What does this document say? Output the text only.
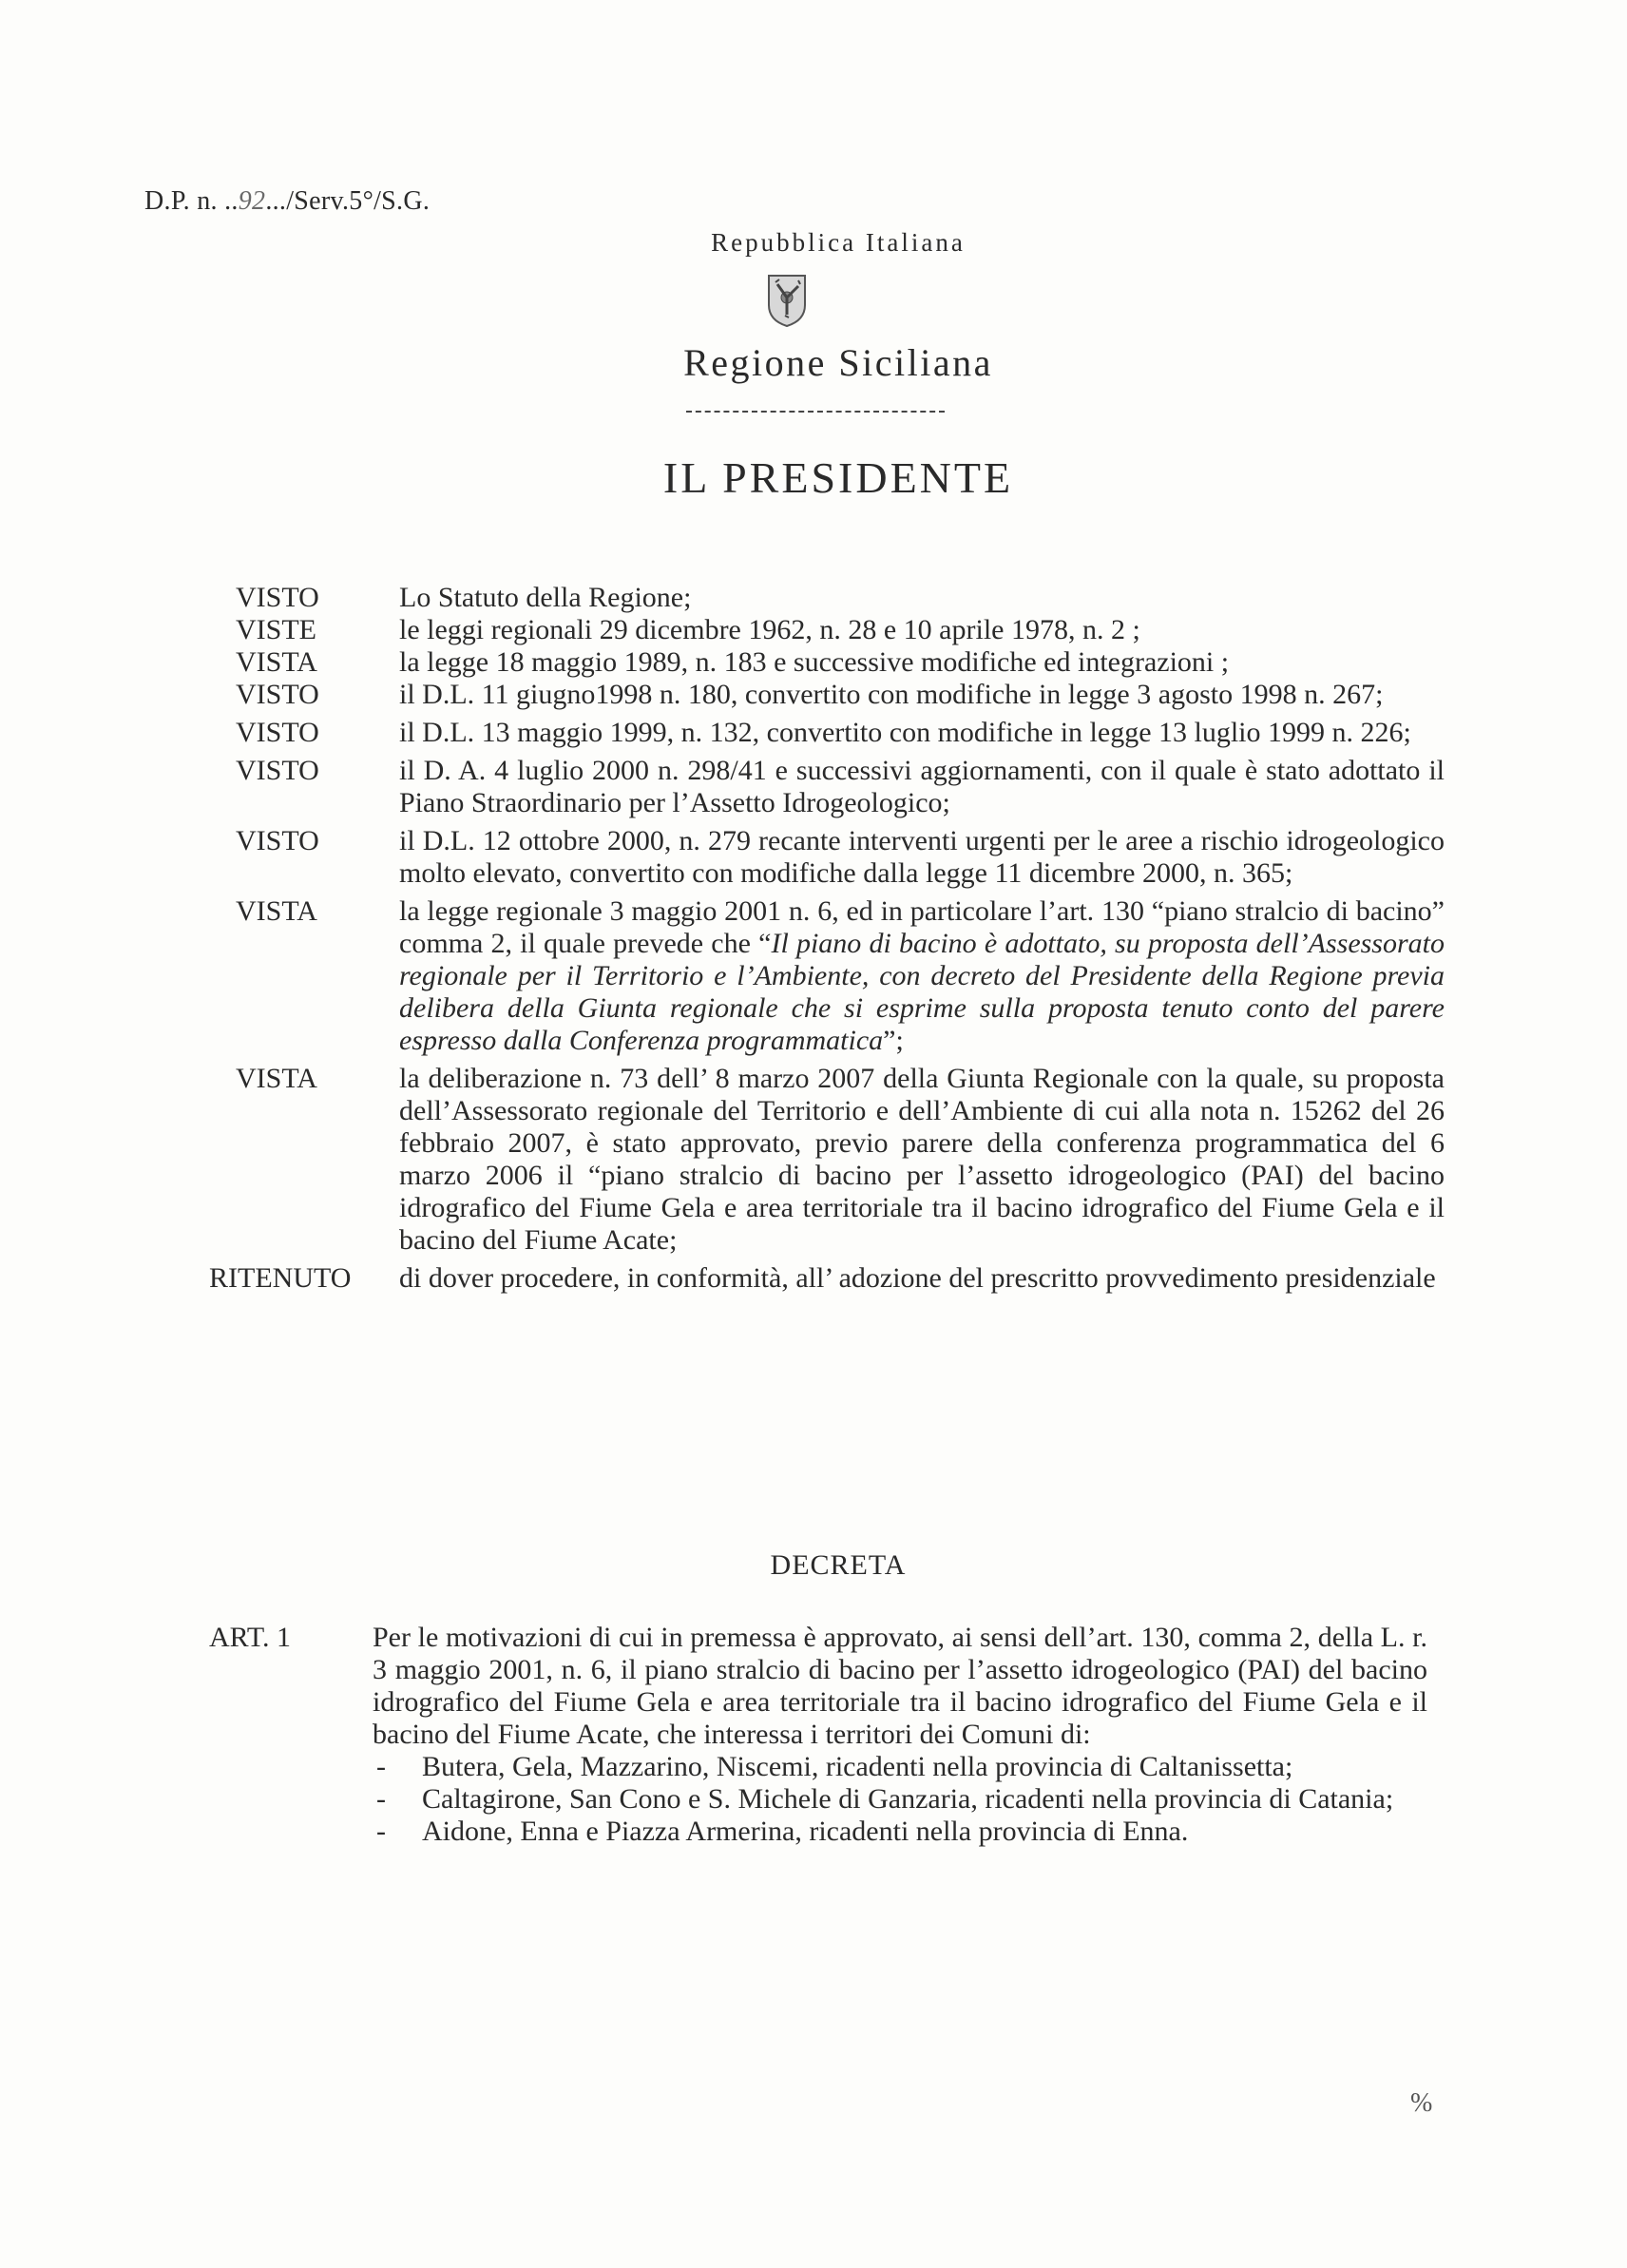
D.P. n. ..92.../Serv.5°/S.G.
Repubblica Italiana
Regione Siciliana
IL PRESIDENTE
VISTO	Lo Statuto della Regione;
VISTE	le leggi regionali 29 dicembre 1962, n. 28 e 10 aprile 1978, n. 2 ;
VISTA	la legge 18 maggio 1989, n. 183 e successive modifiche ed integrazioni ;
VISTO	il D.L. 11 giugno1998 n. 180, convertito con modifiche in legge 3 agosto 1998 n. 267;
VISTO	il D.L. 13 maggio 1999, n. 132, convertito con modifiche in legge 13 luglio 1999 n. 226;
VISTO	il D. A. 4 luglio 2000 n. 298/41 e successivi aggiornamenti, con il quale è stato adottato il Piano Straordinario per l’Assetto Idrogeologico;
VISTO	il D.L. 12 ottobre 2000, n. 279 recante interventi urgenti per le aree a rischio idrogeologico molto elevato, convertito con modifiche dalla legge 11 dicembre 2000, n. 365;
VISTA	la legge regionale 3 maggio 2001 n. 6, ed in particolare l’art. 130 “piano stralcio di bacino” comma 2, il quale prevede che “Il piano di bacino è adottato, su proposta dell’Assessorato regionale per il Territorio e l’Ambiente, con decreto del Presidente della Regione previa delibera della Giunta regionale che si esprime sulla proposta tenuto conto del parere espresso dalla Conferenza programmatica”;
VISTA	la deliberazione n. 73 dell’ 8 marzo 2007 della Giunta Regionale con la quale, su proposta dell’Assessorato regionale del Territorio e dell’Ambiente di cui alla nota n. 15262 del 26 febbraio 2007, è stato approvato, previo parere della conferenza programmatica del 6 marzo 2006 il “piano stralcio di bacino per l’assetto idrogeologico (PAI) del bacino idrografico del Fiume Gela e area territoriale tra il bacino idrografico del Fiume Gela e il bacino del Fiume Acate;
RITENUTO di dover procedere, in conformità, all’ adozione del prescritto provvedimento presidenziale
DECRETA
ART. 1	Per le motivazioni di cui in premessa è approvato, ai sensi dell’art. 130, comma 2, della L. r. 3 maggio 2001, n. 6, il piano stralcio di bacino per l’assetto idrogeologico (PAI) del bacino idrografico del Fiume Gela e area territoriale tra il bacino idrografico del Fiume Gela e il bacino del Fiume Acate, che interessa i territori dei Comuni di:
- Butera, Gela, Mazzarino, Niscemi, ricadenti nella provincia di Caltanissetta;
- Caltagirone, San Cono e S. Michele di Ganzaria, ricadenti nella provincia di Catania;
- Aidone, Enna e Piazza Armerina, ricadenti nella provincia di Enna.
%
